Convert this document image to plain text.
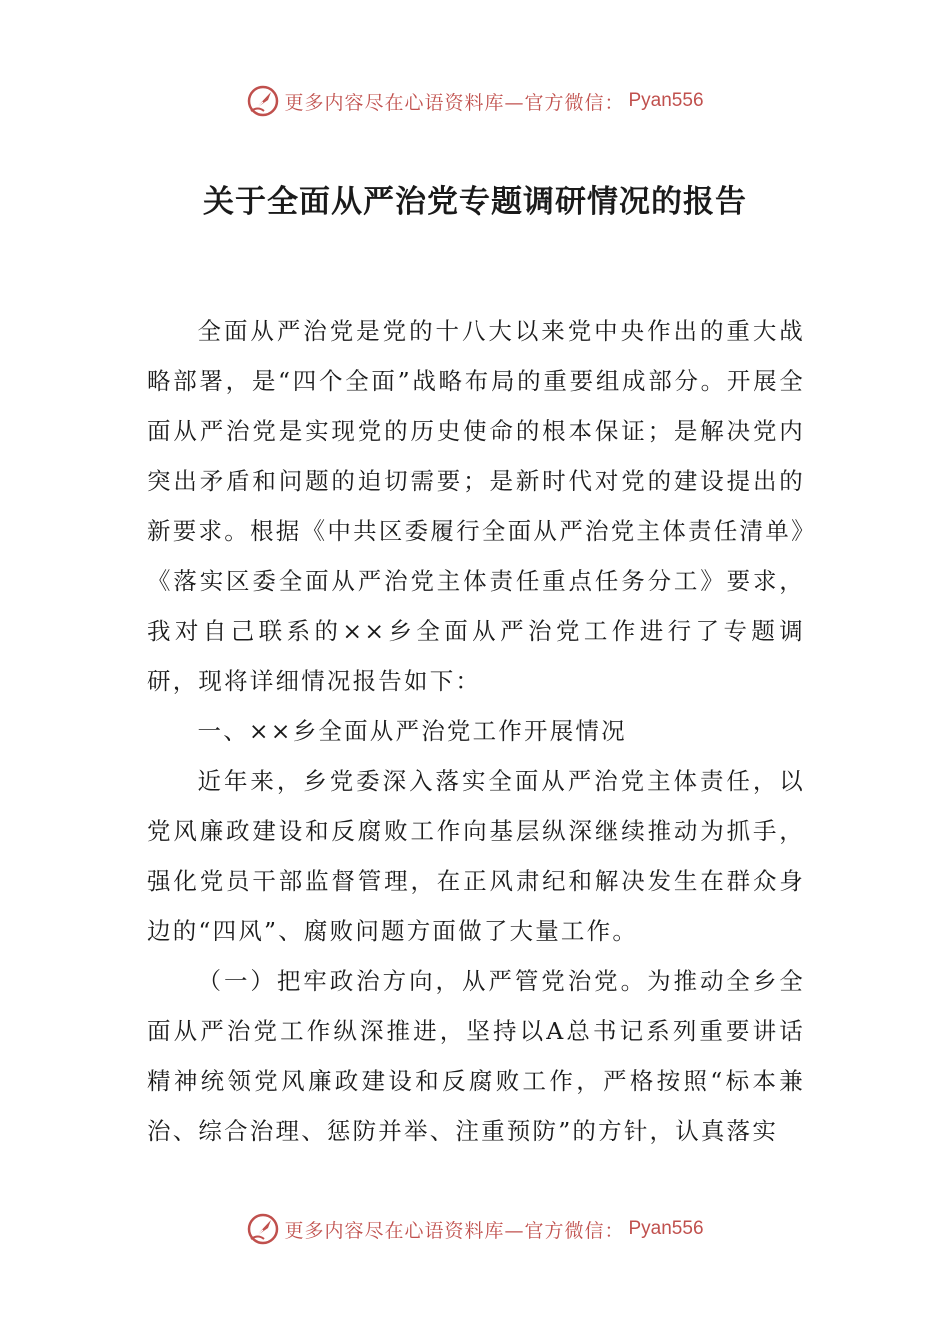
更多内容尽在心语资料库—官方微信： Pyan556
关于全面从严治党专题调研情况的报告

全面从严治党是党的十八大以来党中央作出的重大战略部署，是“四个全面”战略布局的重要组成部分。开展全面从严治党是实现党的历史使命的根本保证；是解决党内突出矛盾和问题的迫切需要；是新时代对党的建设提出的新要求。根据《中共区委履行全面从严治党主体责任清单》《落实区委全面从严治党主体责任重点任务分工》要求，我对自己联系的××乡全面从严治党工作进行了专题调研，现将详细情况报告如下：

一、××乡全面从严治党工作开展情况

近年来，乡党委深入落实全面从严治党主体责任，以党风廉政建设和反腐败工作向基层纵深继续推动为抓手，强化党员干部监督管理，在正风肃纪和解决发生在群众身边的“四风”、腐败问题方面做了大量工作。

（一）把牢政治方向，从严管党治党。为推动全乡全面从严治党工作纵深推进，坚持以A总书记系列重要讲话精神统领党风廉政建设和反腐败工作，严格按照“标本兼治、综合治理、惩防并举、注重预防”的方针，认真落实

更多内容尽在心语资料库—官方微信： Pyan556
